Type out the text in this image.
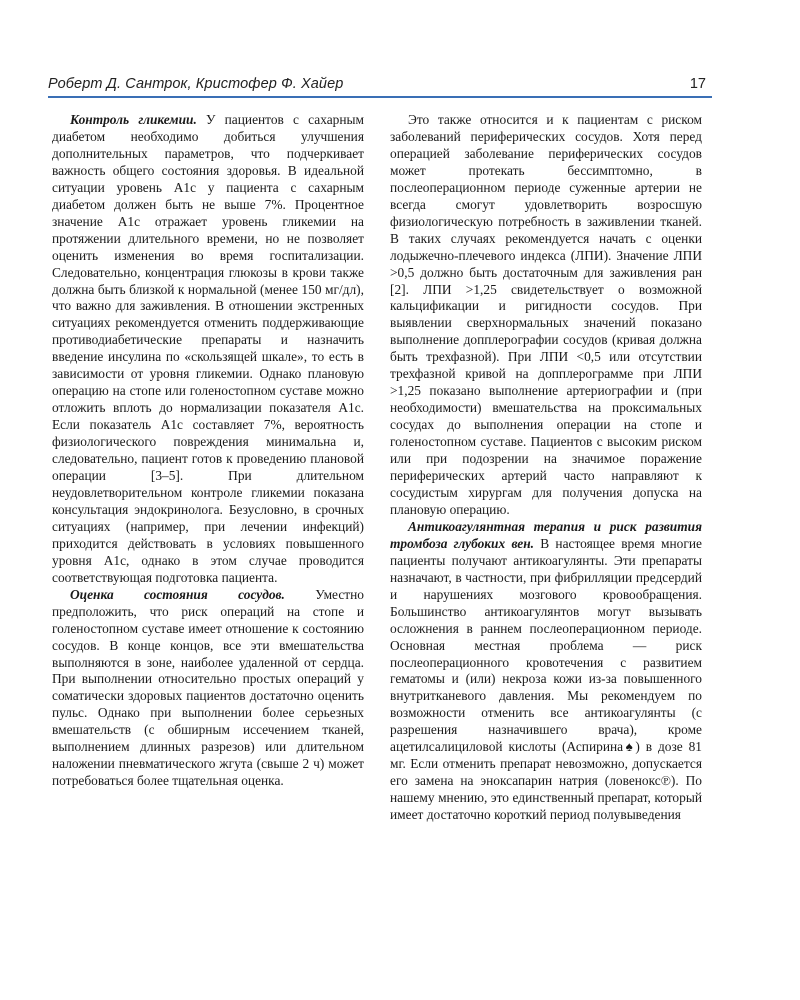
Роберт Д. Сантрок, Кристофер Ф. Хайер	17

Контроль гликемии. У пациентов с сахарным диабетом необходимо добиться улучшения дополнительных параметров, что подчеркивает важность общего состояния здоровья. В идеальной ситуации уровень А1с у пациента с сахарным диабетом должен быть не выше 7%. Процентное значение А1с отражает уровень гликемии на протяжении длительного времени, но не позволяет оценить изменения во время госпитализации. Следовательно, концентрация глюкозы в крови также должна быть близкой к нормальной (менее 150 мг/дл), что важно для заживления. В отношении экстренных ситуациях рекомендуется отменить поддерживающие противодиабетические препараты и назначить введение инсулина по «скользящей шкале», то есть в зависимости от уровня гликемии. Однако плановую операцию на стопе или голеностопном суставе можно отложить вплоть до нормализации показателя А1с. Если показатель А1с составляет 7%, вероятность физиологического повреждения минимальна и, следовательно, пациент готов к проведению плановой операции [3–5]. При длительном неудовлетворительном контроле гликемии показана консультация эндокринолога. Безусловно, в срочных ситуациях (например, при лечении инфекций) приходится действовать в условиях повышенного уровня А1с, однако в этом случае проводится соответствующая подготовка пациента.

Оценка состояния сосудов. Уместно предположить, что риск операций на стопе и голеностопном суставе имеет отношение к состоянию сосудов. В конце концов, все эти вмешательства выполняются в зоне, наиболее удаленной от сердца. При выполнении относительно простых операций у соматически здоровых пациентов достаточно оценить пульс. Однако при выполнении более серьезных вмешательств (с обширным иссечением тканей, выполнением длинных разрезов) или длительном наложении пневматического жгута (свыше 2 ч) может потребоваться более тщательная оценка.

Это также относится и к пациентам с риском заболеваний периферических сосудов. Хотя перед операцией заболевание периферических сосудов может протекать бессимптомно, в послеоперационном периоде суженные артерии не всегда смогут удовлетворить возросшую физиологическую потребность в заживлении тканей. В таких случаях рекомендуется начать с оценки лодыжечно-плечевого индекса (ЛПИ). Значение ЛПИ >0,5 должно быть достаточным для заживления ран [2]. ЛПИ >1,25 свидетельствует о возможной кальцификации и ригидности сосудов. При выявлении сверхнормальных значений показано выполнение допплерографии сосудов (кривая должна быть трехфазной). При ЛПИ <0,5 или отсутствии трехфазной кривой на допплерограмме при ЛПИ >1,25 показано выполнение артериографии и (при необходимости) вмешательства на проксимальных сосудах до выполнения операции на стопе и голеностопном суставе. Пациентов с высоким риском или при подозрении на значимое поражение периферических артерий часто направляют к сосудистым хирургам для получения допуска на плановую операцию.

Антикоагулянтная терапия и риск развития тромбоза глубоких вен. В настоящее время многие пациенты получают антикоагулянты. Эти препараты назначают, в частности, при фибрилляции предсердий и нарушениях мозгового кровообращения. Большинство антикоагулянтов могут вызывать осложнения в раннем послеоперационном периоде. Основная местная проблема — риск послеоперационного кровотечения с развитием гематомы и (или) некроза кожи из-за повышенного внутритканевого давления. Мы рекомендуем по возможности отменить все антикоагулянты (с разрешения назначившего врача), кроме ацетилсалициловой кислоты (Аспирина♠) в дозе 81 мг. Если отменить препарат невозможно, допускается его замена на эноксапарин натрия (ловенокс℗). По нашему мнению, это единственный препарат, который имеет достаточно короткий период полувыведения
